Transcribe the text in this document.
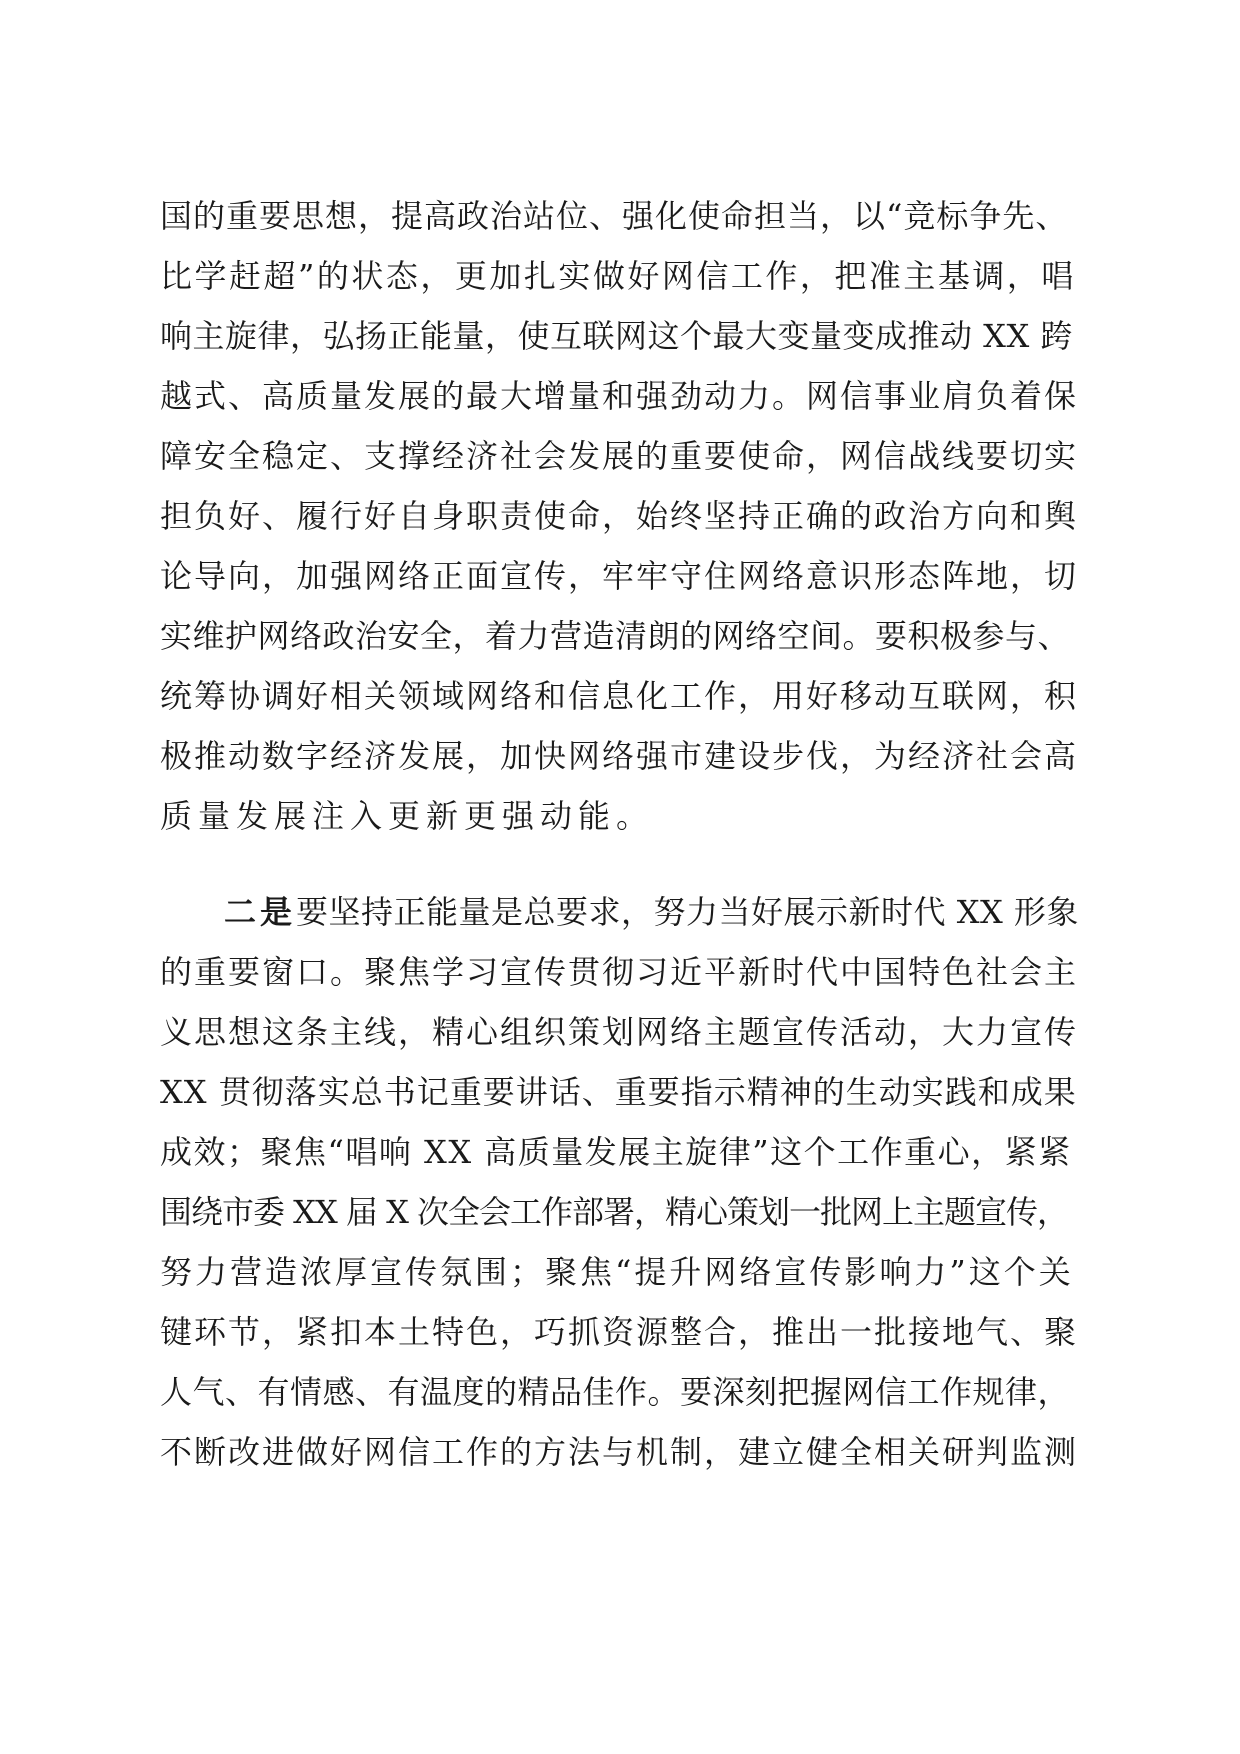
国的重要思想，提高政治站位、强化使命担当，以“竞标争先、
比学赶超”的状态，更加扎实做好网信工作，把准主基调，唱
响主旋律，弘扬正能量，使互联网这个最大变量变成推动 XX 跨
越式、高质量发展的最大增量和强劲动力。网信事业肩负着保
障安全稳定、支撑经济社会发展的重要使命，网信战线要切实
担负好、履行好自身职责使命，始终坚持正确的政治方向和舆
论导向，加强网络正面宣传，牢牢守住网络意识形态阵地，切
实维护网络政治安全，着力营造清朗的网络空间。要积极参与、
统筹协调好相关领域网络和信息化工作，用好移动互联网，积
极推动数字经济发展，加快网络强市建设步伐，为经济社会高
质量发展注入更新更强动能。
二是要坚持正能量是总要求，努力当好展示新时代 XX 形象
的重要窗口。聚焦学习宣传贯彻习近平新时代中国特色社会主
义思想这条主线，精心组织策划网络主题宣传活动，大力宣传
XX 贯彻落实总书记重要讲话、重要指示精神的生动实践和成果
成效；聚焦“唱响 XX 高质量发展主旋律”这个工作重心，紧紧
围绕市委 XX 届 X 次全会工作部署，精心策划一批网上主题宣传，
努力营造浓厚宣传氛围；聚焦“提升网络宣传影响力”这个关
键环节，紧扣本土特色，巧抓资源整合，推出一批接地气、聚
人气、有情感、有温度的精品佳作。要深刻把握网信工作规律，
不断改进做好网信工作的方法与机制，建立健全相关研判监测
